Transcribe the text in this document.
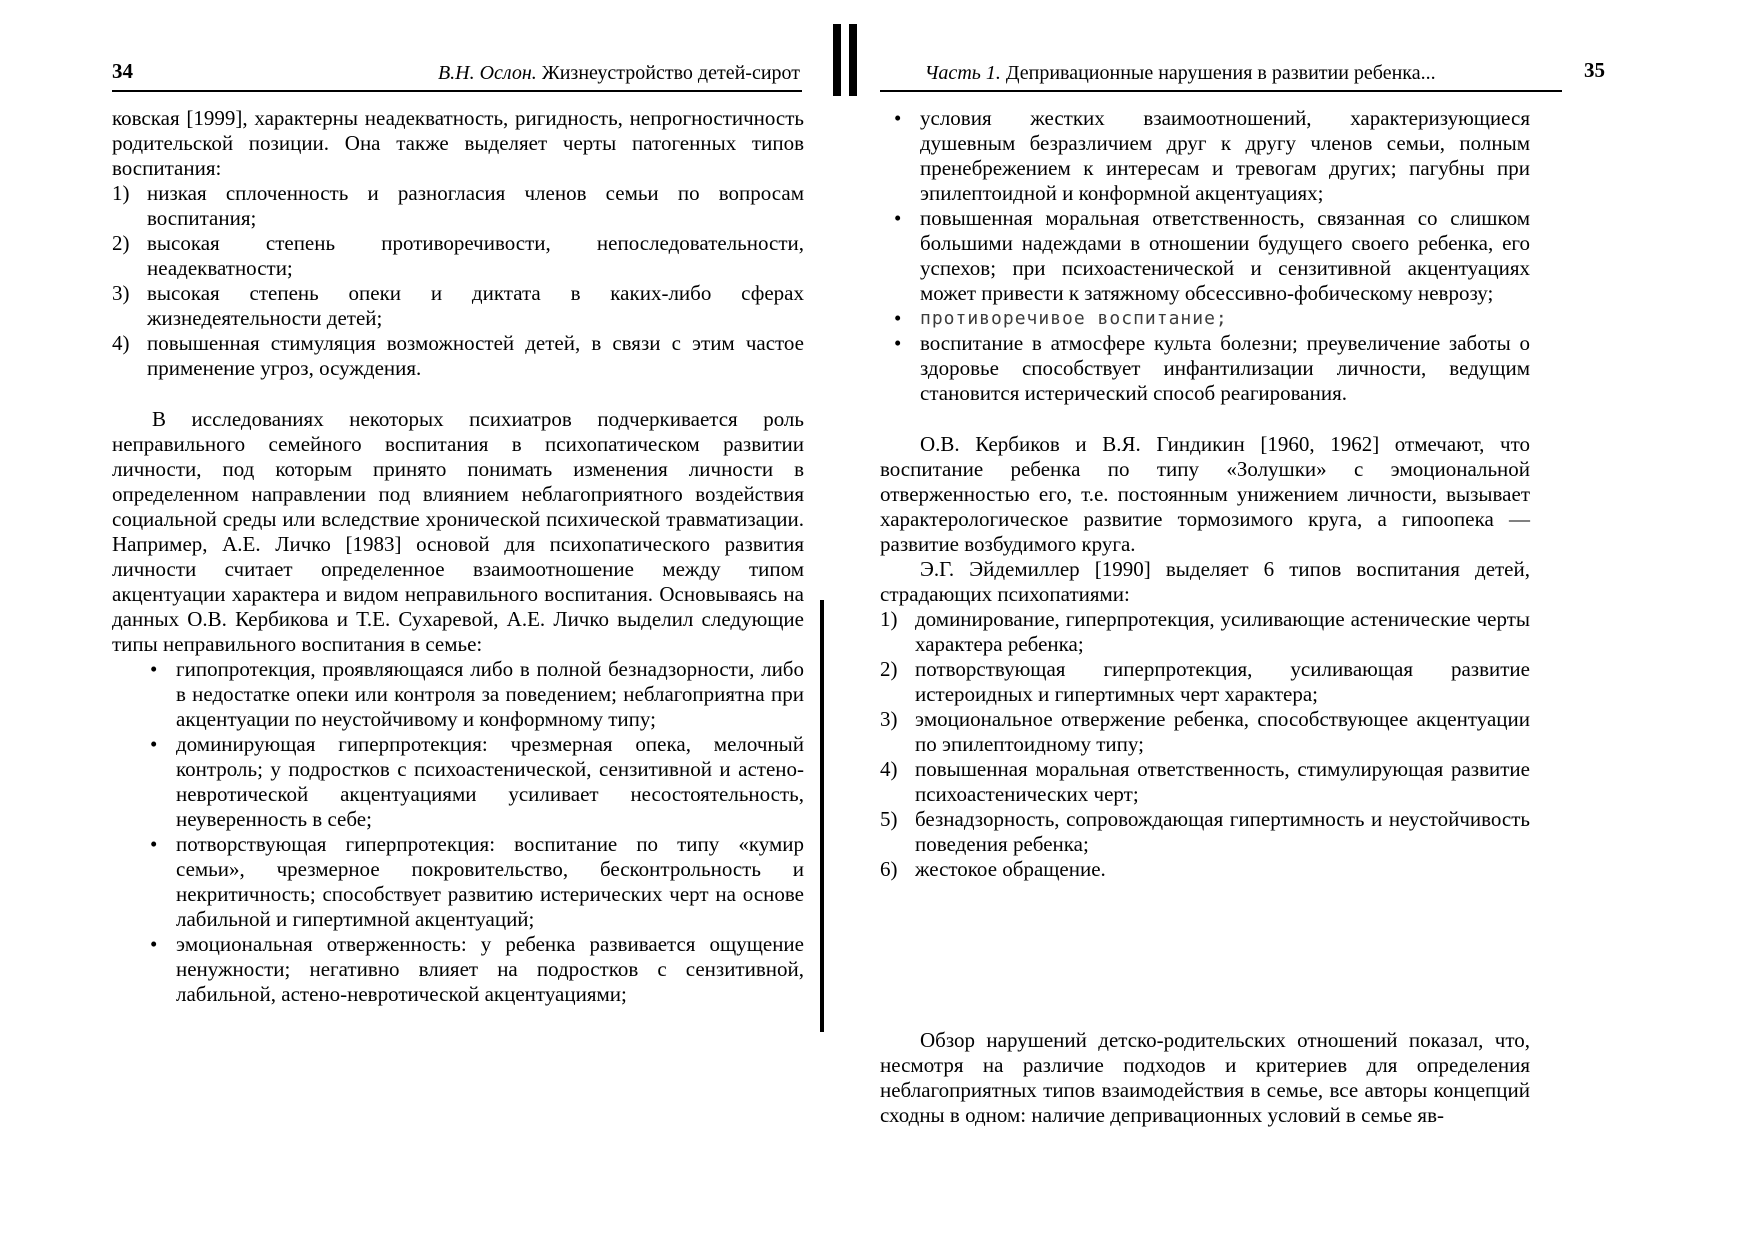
34	В.Н. Ослон. Жизнеустройство детей-сирот

ковская [1999], характерны неадекватность, ригидность, непрогностичность родительской позиции. Она также выделяет черты патогенных типов воспитания:

1) низкая сплоченность и разногласия членов семьи по вопросам воспитания;
2) высокая степень противоречивости, непоследовательности, неадекватности;
3) высокая степень опеки и диктата в каких-либо сферах жизнедеятельности детей;
4) повышенная стимуляция возможностей детей, в связи с этим частое применение угроз, осуждения.

В исследованиях некоторых психиатров подчеркивается роль неправильного семейного воспитания в психопатическом развитии личности, под которым принято понимать изменения личности в определенном направлении под влиянием неблагоприятного воздействия социальной среды или вследствие хронической психической травматизации. Например, А.Е. Личко [1983] основой для психопатического развития личности считает определенное взаимоотношение между типом акцентуации характера и видом неправильного воспитания. Основываясь на данных О.В. Кербикова и Т.Е. Сухаревой, А.Е. Личко выделил следующие типы неправильного воспитания в семье:

• гипопротекция, проявляющаяся либо в полной безнадзорности, либо в недостатке опеки или контроля за поведением; неблагоприятна при акцентуации по неустойчивому и конформному типу;
• доминирующая гиперпротекция: чрезмерная опека, мелочный контроль; у подростков с психоастенической, сензитивной и астено-невротической акцентуациями усиливает несостоятельность, неуверенность в себе;
• потворствующая гиперпротекция: воспитание по типу «кумир семьи», чрезмерное покровительство, бесконтрольность и некритичность; способствует развитию истерических черт на основе лабильной и гипертимной акцентуаций;
• эмоциональная отверженность: у ребенка развивается ощущение ненужности; негативно влияет на подростков с сензитивной, лабильной, астено-невротической акцентуациями;
Часть 1. Депривационные нарушения в развитии ребенка...	35
• условия жестких взаимоотношений, характеризующиеся душевным безразличием друг к другу членов семьи, полным пренебрежением к интересам и тревогам других; пагубны при эпилептоидной и конформной акцентуациях;
• повышенная моральная ответственность, связанная со слишком большими надеждами в отношении будущего своего ребенка, его успехов; при психоастенической и сензитивной акцентуациях может привести к затяжному обсессивно-фобическому неврозу;
•	противоречивое воспитание;
• воспитание в атмосфере культа болезни; преувеличение заботы о здоровье способствует инфантилизации личности, ведущим становится истерический способ реагирования.

О.В. Кербиков и В.Я. Гиндикин [1960, 1962] отмечают, что воспитание ребенка по типу «Золушки» с эмоциональной отверженностью его, т.е. постоянным унижением личности, вызывает характерологическое развитие тормозимого круга, а гипоопека — развитие возбудимого круга.

Э.Г. Эйдемиллер [1990] выделяет 6 типов воспитания детей, страдающих психопатиями:

1) доминирование, гиперпротекция, усиливающие астенические черты характера ребенка;
2) потворствующая гиперпротекция, усиливающая развитие истероидных и гипертимных черт характера;
3) эмоциональное отвержение ребенка, способствующее акцентуации по эпилептоидному типу;
4) повышенная моральная ответственность, стимулирующая развитие психоастенических черт;
5) безнадзорность, сопровождающая гипертимность и неустойчивость поведения ребенка;
6) жестокое обращение.

Обзор нарушений детско-родительских отношений показал, что, несмотря на различие подходов и критериев для определения неблагоприятных типов взаимодействия в семье, все авторы концепций сходны в одном: наличие депривационных условий в семье яв-
